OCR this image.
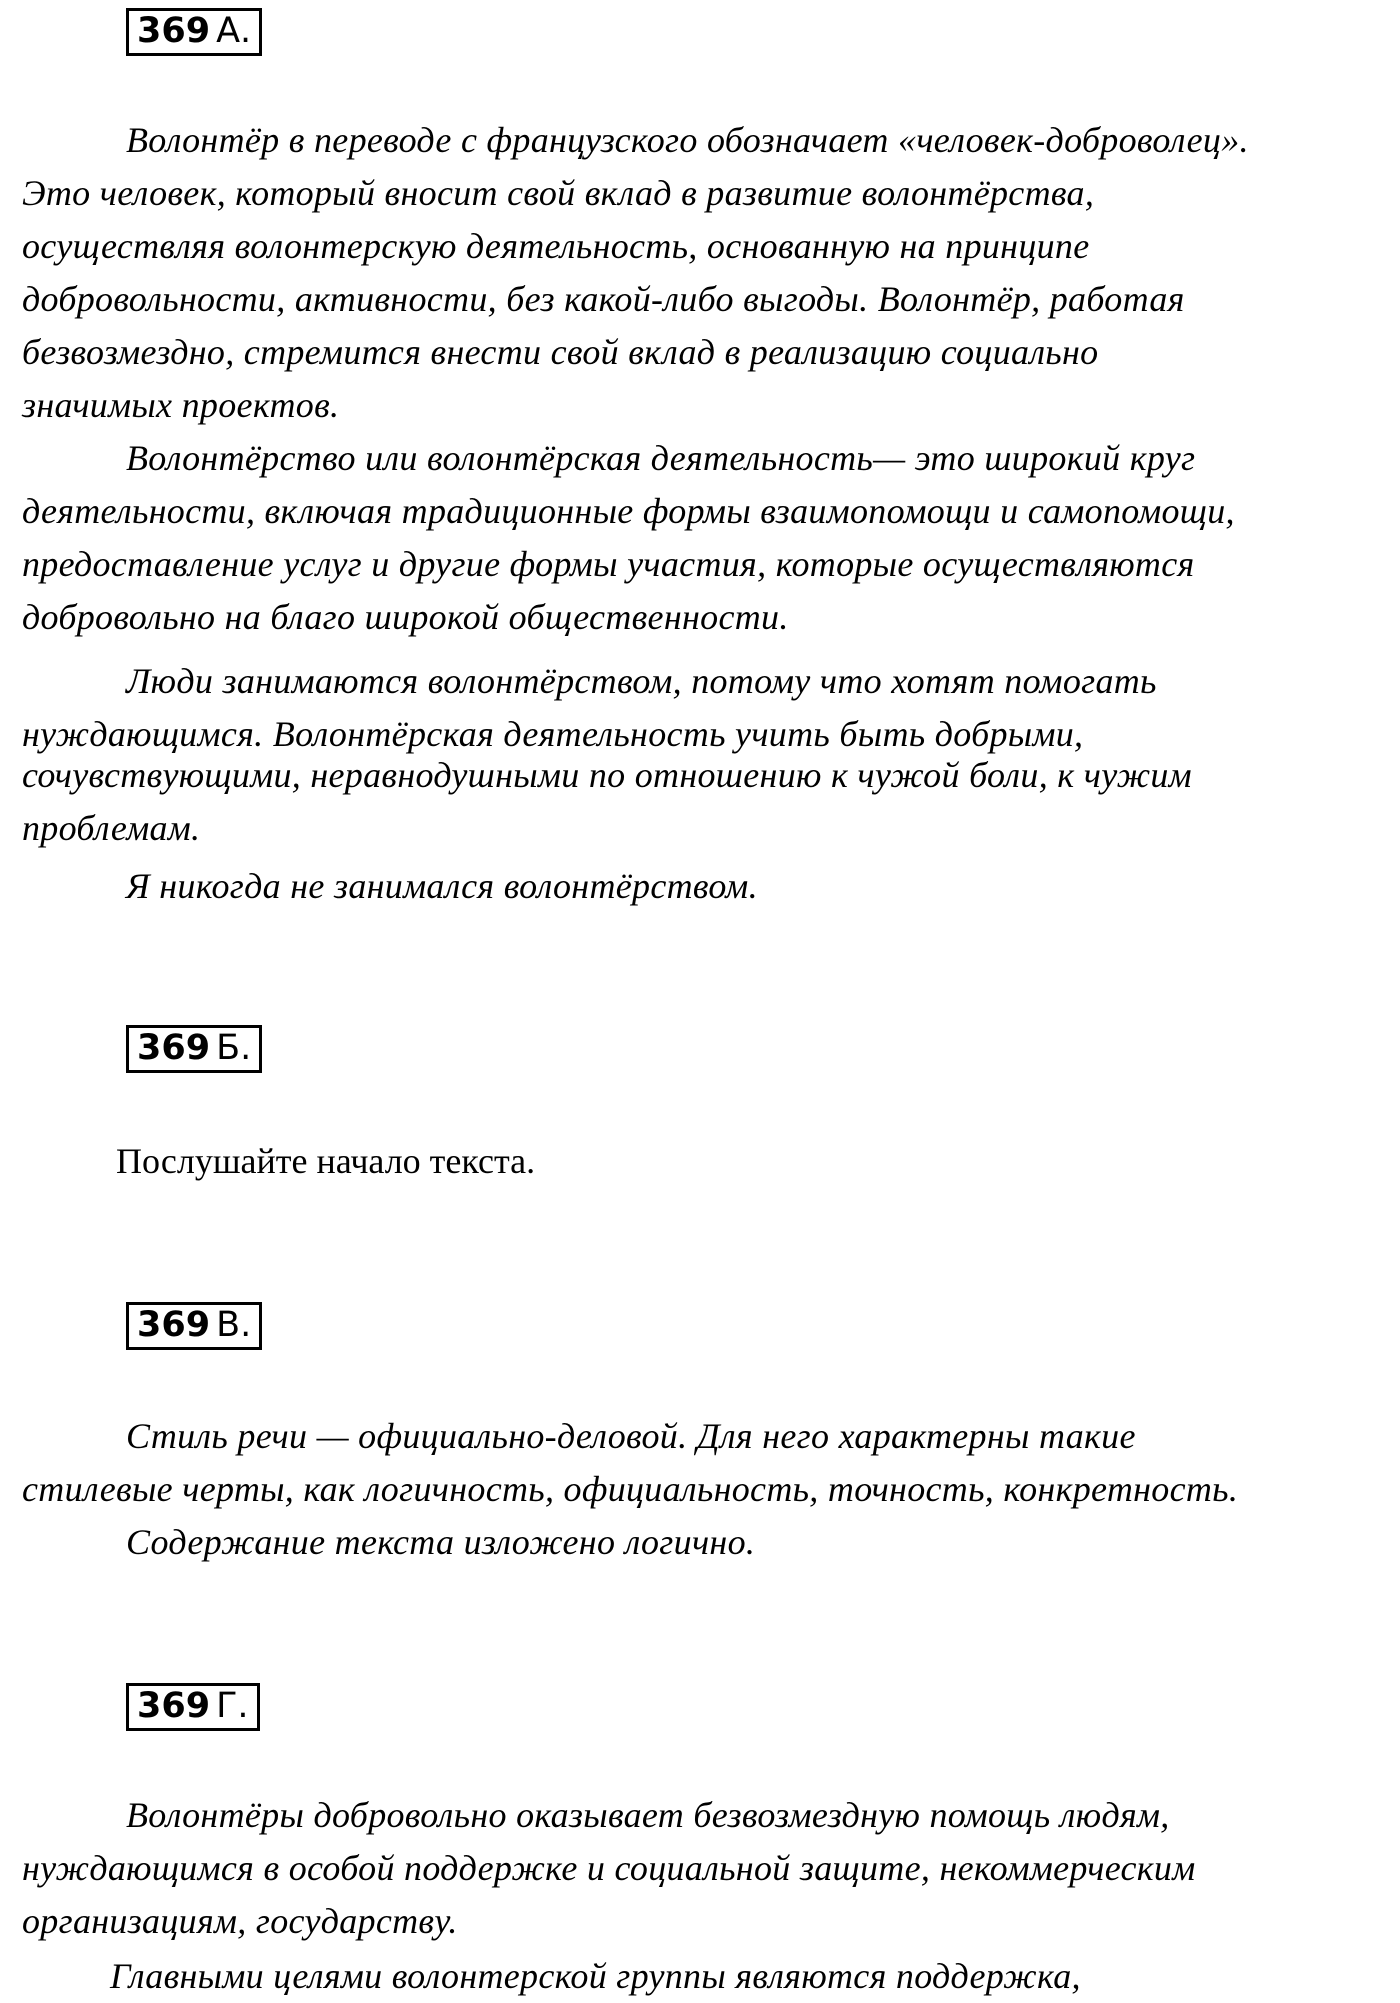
369 А.
Волонтёр в переводе с французского обозначает «человек-доброволец».
Это человек, который вносит свой вклад в развитие волонтёрства,
осуществляя волонтерскую деятельность, основанную на принципе
добровольности, активности, без какой-либо выгоды. Волонтёр, работая
безвозмездно, стремится внести свой вклад в реализацию социально
значимых проектов.
Волонтёрство или волонтёрская деятельность— это широкий круг
деятельности, включая традиционные формы взаимопомощи и самопомощи,
предоставление услуг и другие формы участия, которые осуществляются
добровольно на благо широкой общественности.
Люди занимаются волонтёрством, потому что хотят помогать
нуждающимся. Волонтёрская деятельность учить быть добрыми,
сочувствующими, неравнодушными по отношению к чужой боли, к чужим
проблемам.
Я никогда не занимался волонтёрством.
369 Б.

Послушайте начало текста.

369 В.
Стиль речи — официально-деловой. Для него характерны такие
стилевые черты, как логичность, официальность, точность, конкретность.
Содержание текста изложено логично.
369 Г.
Волонтёры добровольно оказывает безвозмездную помощь людям,
нуждающимся в особой поддержке и социальной защите, некоммерческим
организациям, государству.
Главными целями волонтерской группы являются поддержка,
